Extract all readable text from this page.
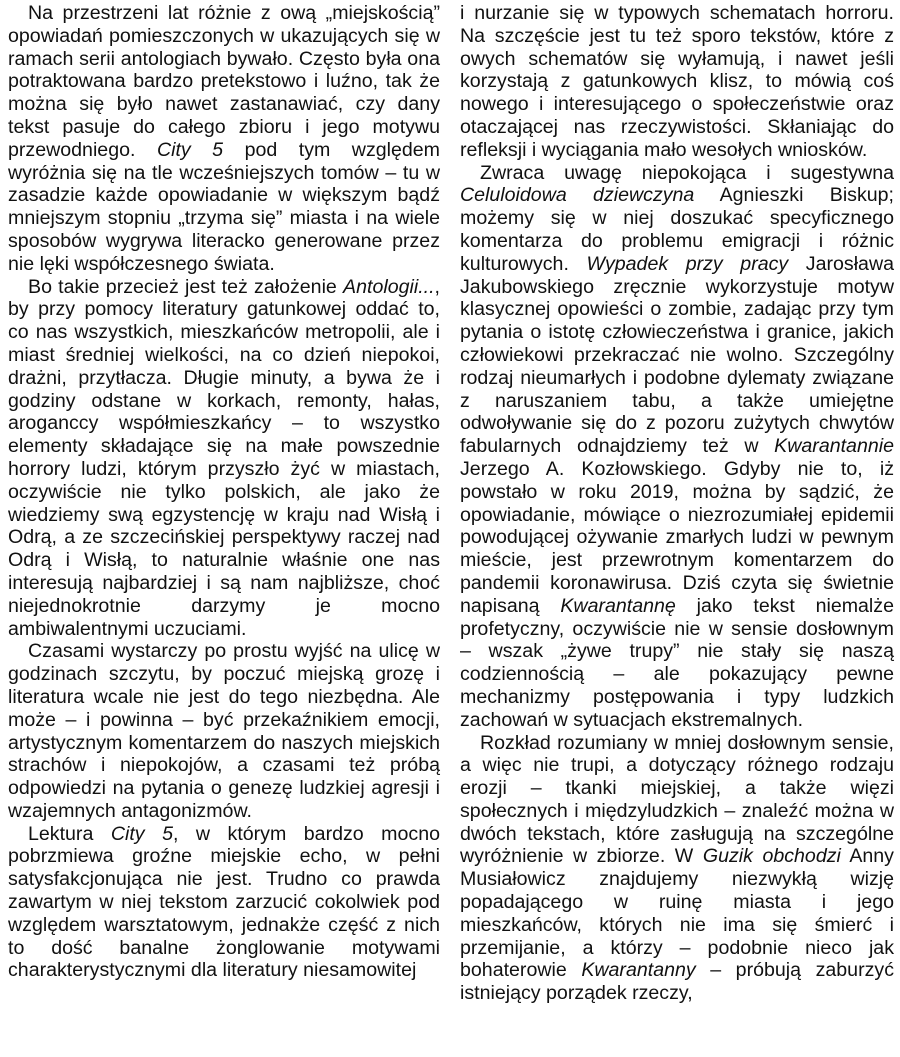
Na przestrzeni lat różnie z ową „miejskością” opowiadań pomieszczonych w ukazujących się w ramach serii antologiach bywało. Często była ona potraktowana bardzo pretekstowo i luźno, tak że można się było nawet zastanawiać, czy dany tekst pasuje do całego zbioru i jego motywu przewodniego. City 5 pod tym względem wyróżnia się na tle wcześniejszych tomów – tu w zasadzie każde opowiadanie w większym bądź mniejszym stopniu „trzyma się” miasta i na wiele sposobów wygrywa literacko generowane przez nie lęki współczesnego świata.

Bo takie przecież jest też założenie Antologii..., by przy pomocy literatury gatunkowej oddać to, co nas wszystkich, mieszkańców metropolii, ale i miast średniej wielkości, na co dzień niepokoi, drażni, przytłacza. Długie minuty, a bywa że i godziny odstane w korkach, remonty, hałas, aroganccy współmieszkańcy – to wszystko elementy składające się na małe powszednie horrory ludzi, którym przyszło żyć w miastach, oczywiście nie tylko polskich, ale jako że wiedziemy swą egzystencję w kraju nad Wisłą i Odrą, a ze szczecińskiej perspektywy raczej nad Odrą i Wisłą, to naturalnie właśnie one nas interesują najbardziej i są nam najbliższe, choć niejednokrotnie darzymy je mocno ambiwalentnymi uczuciami.

Czasami wystarczy po prostu wyjść na ulicę w godzinach szczytu, by poczuć miejską grozę i literatura wcale nie jest do tego niezbędna. Ale może – i powinna – być przekaźnikiem emocji, artystycznym komentarzem do naszych miejskich strachów i niepokojów, a czasami też próbą odpowiedzi na pytania o genezę ludzkiej agresji i wzajemnych antagonizmów.

Lektura City 5, w którym bardzo mocno pobrzmiewa groźne miejskie echo, w pełni satysfakcjonująca nie jest. Trudno co prawda zawartym w niej tekstom zarzucić cokolwiek pod względem warsztatowym, jednakże część z nich to dość banalne żonglowanie motywami charakterystycznymi dla literatury niesamowitej

i nurzanie się w typowych schematach horroru. Na szczęście jest tu też sporo tekstów, które z owych schematów się wyłamują, i nawet jeśli korzystają z gatunkowych klisz, to mówią coś nowego i interesującego o społeczeństwie oraz otaczającej nas rzeczywistości. Skłaniając do refleksji i wyciągania mało wesołych wniosków.

Zwraca uwagę niepokojąca i sugestywna Celuloidowa dziewczyna Agnieszki Biskup; możemy się w niej doszukać specyficznego komentarza do problemu emigracji i różnic kulturowych. Wypadek przy pracy Jarosława Jakubowskiego zręcznie wykorzystuje motyw klasycznej opowieści o zombie, zadając przy tym pytania o istotę człowieczeństwa i granice, jakich człowiekowi przekraczać nie wolno. Szczególny rodzaj nieumarłych i podobne dylematy związane z naruszaniem tabu, a także umiejętne odwoływanie się do z pozoru zużytych chwytów fabularnych odnajdziemy też w Kwarantannie Jerzego A. Kozłowskiego. Gdyby nie to, iż powstało w roku 2019, można by sądzić, że opowiadanie, mówiące o niezrozumiałej epidemii powodującej ożywanie zmarłych ludzi w pewnym mieście, jest przewrotnym komentarzem do pandemii koronawirusa. Dziś czyta się świetnie napisaną Kwarantannę jako tekst niemalże profetyczny, oczywiście nie w sensie dosłownym – wszak „żywe trupy” nie stały się naszą codziennością – ale pokazujący pewne mechanizmy postępowania i typy ludzkich zachowań w sytuacjach ekstremalnych.

Rozkład rozumiany w mniej dosłownym sensie, a więc nie trupi, a dotyczący różnego rodzaju erozji – tkanki miejskiej, a także więzi społecznych i międzyludzkich – znaleźć można w dwóch tekstach, które zasługują na szczególne wyróżnienie w zbiorze. W Guzik obchodzi Anny Musiałowicz znajdujemy niezwykłą wizję popadającego w ruinę miasta i jego mieszkańców, których nie ima się śmierć i przemijanie, a którzy – podobnie nieco jak bohaterowie Kwarantanny – próbują zaburzyć istniejący porządek rzeczy,
